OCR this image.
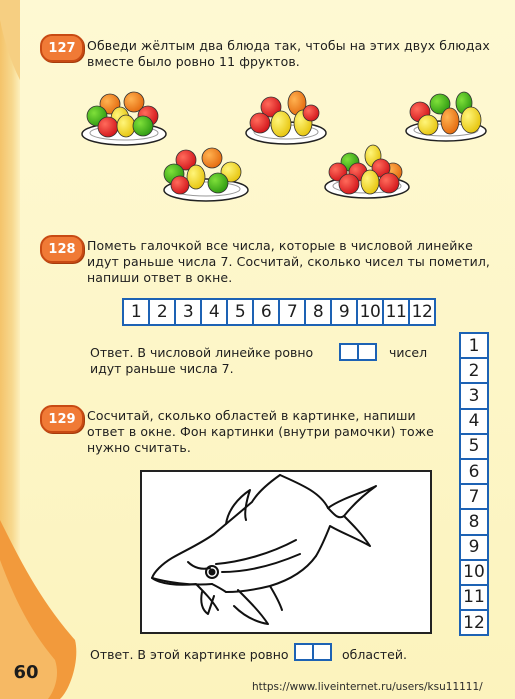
127 Обведи жёлтым два блюда так, чтобы на этих двух блюдах
вместе было ровно 11 фруктов.
128 Пометь галочкой все числа, которые в числовой линейке
идут раньше числа 7. Сосчитай, сколько чисел ты пометил,
напиши ответ в окне.
1 2 3 4 5 6 7 8 9 10 11 12
Ответ. В числовой линейке ровно	чисел
идут раньше числа 7.
1
2
3
4
5
6
7
8
9
10
11
12
129 Сосчитай, сколько областей в картинке, напиши
ответ в окне. Фон картинки (внутри рамочки) тоже
нужно считать.
Ответ. В этой картинке ровно	областей.
60
https://www.liveinternet.ru/users/ksu11111/
